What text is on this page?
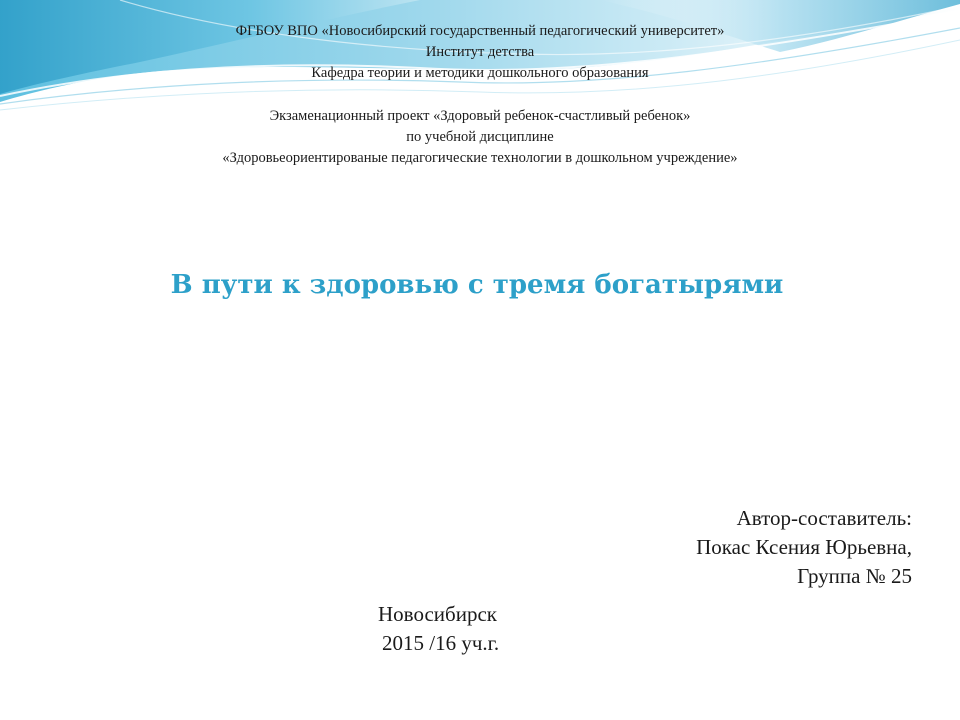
ФГБОУ ВПО «Новосибирский государственный педагогический университет»
Институт детства
Кафедра теории и методики дошкольного образования
Экзаменационный проект «Здоровый ребенок-счастливый ребенок»
по учебной дисциплине
«Здоровьеориентированые педагогические технологии в дошкольном учреждение»
В пути к здоровью с тремя богатырями
Автор-составитель:
Покас Ксения Юрьевна,
Группа № 25
Новосибирск
2015 /16 уч.г.
